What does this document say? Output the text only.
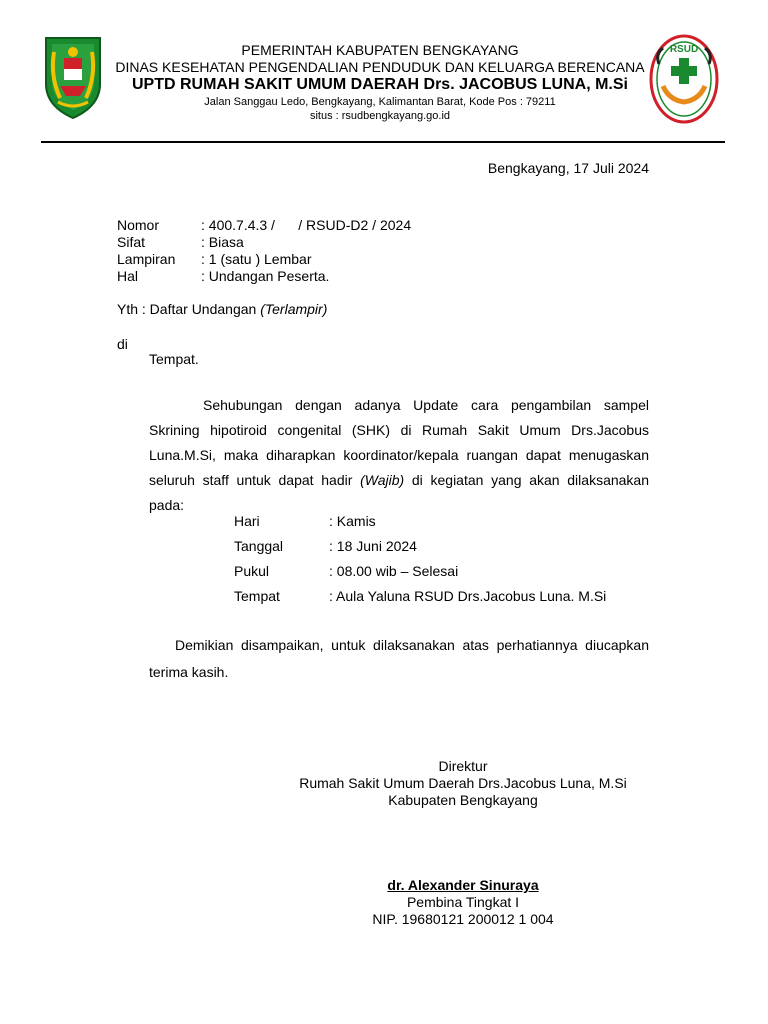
RSUD
PEMERINTAH KABUPATEN BENGKAYANG
DINAS KESEHATAN PENGENDALIAN PENDUDUK DAN KELUARGA BERENCANA
UPTD RUMAH SAKIT UMUM DAERAH Drs. JACOBUS LUNA, M.Si
Jalan Sanggau Ledo, Bengkayang, Kalimantan Barat, Kode Pos : 79211
situs : rsudbengkayang.go.id
Bengkayang, 17 Juli 2024
Nomor	: 400.7.4.3 /      / RSUD-D2 / 2024
Sifat	: Biasa
Lampiran	: 1 (satu ) Lembar
Hal	: Undangan Peserta.
Yth : Daftar Undangan (Terlampir)
di
Tempat.

Sehubungan dengan adanya Update cara pengambilan sampel Skrining hipotiroid congenital (SHK) di Rumah Sakit Umum Drs.Jacobus Luna.M.Si, maka diharapkan koordinator/kepala ruangan dapat menugaskan seluruh staff untuk dapat hadir (Wajib) di kegiatan yang akan dilaksanakan pada:

Hari	: Kamis
Tanggal	: 18 Juni 2024
Pukul	: 08.00 wib – Selesai
Tempat	: Aula Yaluna RSUD Drs.Jacobus Luna. M.Si

Demikian disampaikan, untuk dilaksanakan atas perhatiannya diucapkan terima kasih.

Direktur
Rumah Sakit Umum Daerah Drs.Jacobus Luna, M.Si
Kabupaten Bengkayang
dr. Alexander Sinuraya
Pembina Tingkat I
NIP. 19680121 200012 1 004
